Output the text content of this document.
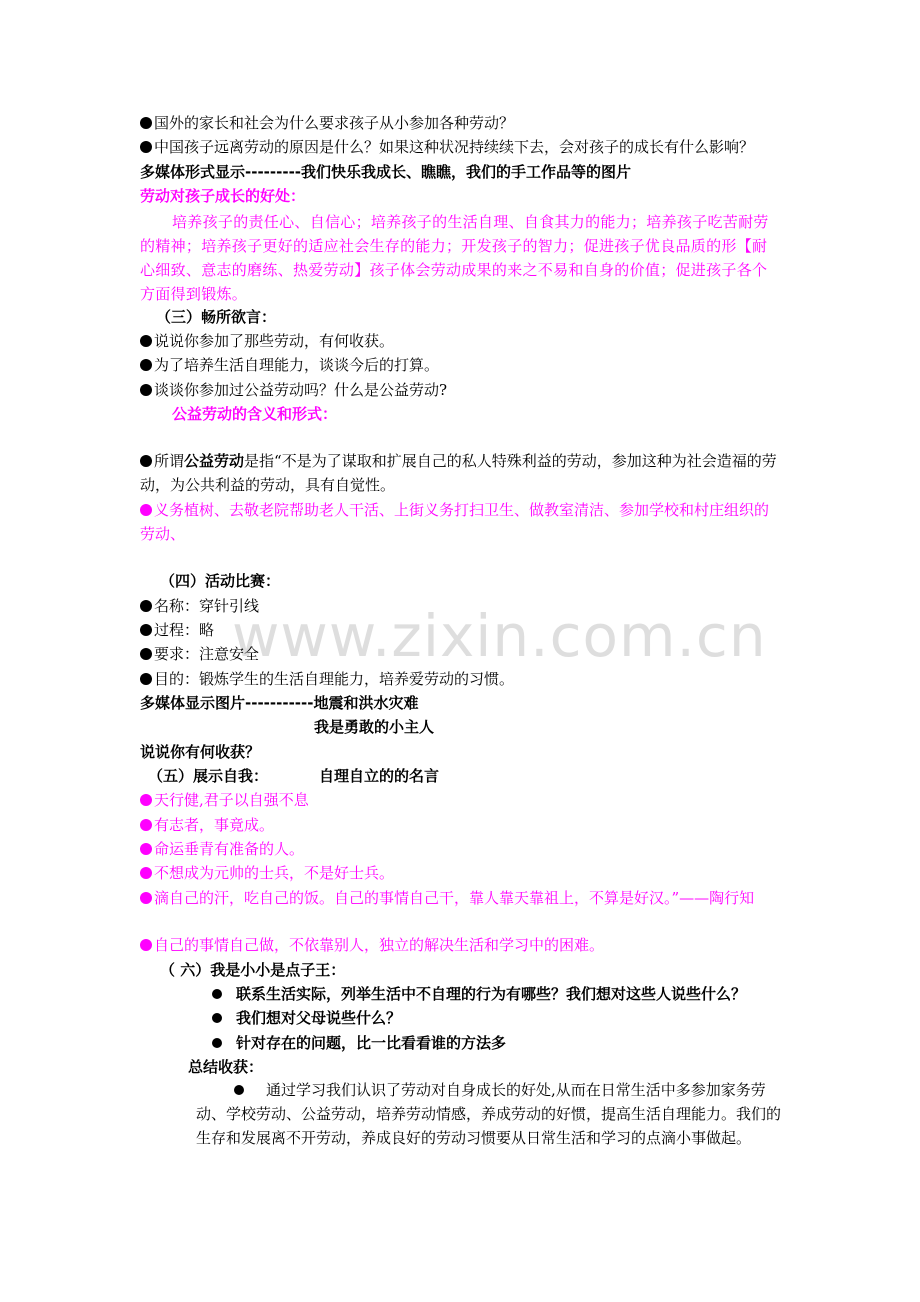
www.zixin.com.cn
国外的家长和社会为什么要求孩子从小参加各种劳动？
中国孩子远离劳动的原因是什么？如果这种状况持续续下去，会对孩子的成长有什么影响？
多媒体形式显示---------我们快乐我成长、瞧瞧，我们的手工作品等的图片
劳动对孩子成长的好处：
培养孩子的责任心、自信心；培养孩子的生活自理、自食其力的能力；培养孩子吃苦耐劳的精神；培养孩子更好的适应社会生存的能力；开发孩子的智力；促进孩子优良品质的形【耐心细致、意志的磨练、热爱劳动】孩子体会劳动成果的来之不易和自身的价值；促进孩子各个方面得到锻炼。
（三）畅所欲言：
说说你参加了那些劳动，有何收获。
为了培养生活自理能力，谈谈今后的打算。
谈谈你参加过公益劳动吗？什么是公益劳动?
公益劳动的含义和形式：
所谓公益劳动是指“不是为了谋取和扩展自己的私人特殊利益的劳动，参加这种为社会造福的劳动，为公共利益的劳动，具有自觉性。
义务植树、去敬老院帮助老人干活、上街义务打扫卫生、做教室清洁、参加学校和村庄组织的劳动、
（四）活动比赛：
名称：穿针引线
过程：略
要求：注意安全
目的：锻炼学生的生活自理能力，培养爱劳动的习惯。
多媒体显示图片-----------地震和洪水灾难
我是勇敢的小主人
说说你有何收获？
（五）展示自我：	自理自立的的名言
天行健,君子以自强不息
有志者，事竟成。
命运垂青有准备的人。
不想成为元帅的士兵，不是好士兵。
滴自己的汗，吃自己的饭。自己的事情自己干，靠人靠天靠祖上，不算是好汉。”——陶行知
自己的事情自己做，不依靠别人，独立的解决生活和学习中的困难。
（ 六）我是小小是点子王：
联系生活实际，列举生活中不自理的行为有哪些？我们想对这些人说些什么？
我们想对父母说些什么？
针对存在的问题，比一比看看谁的方法多
总结收获：
通过学习我们认识了劳动对自身成长的好处,从而在日常生活中多参加家务劳动、学校劳动、公益劳动，培养劳动情感，养成劳动的好惯，提高生活自理能力。我们的生存和发展离不开劳动，养成良好的劳动习惯要从日常生活和学习的点滴小事做起。
